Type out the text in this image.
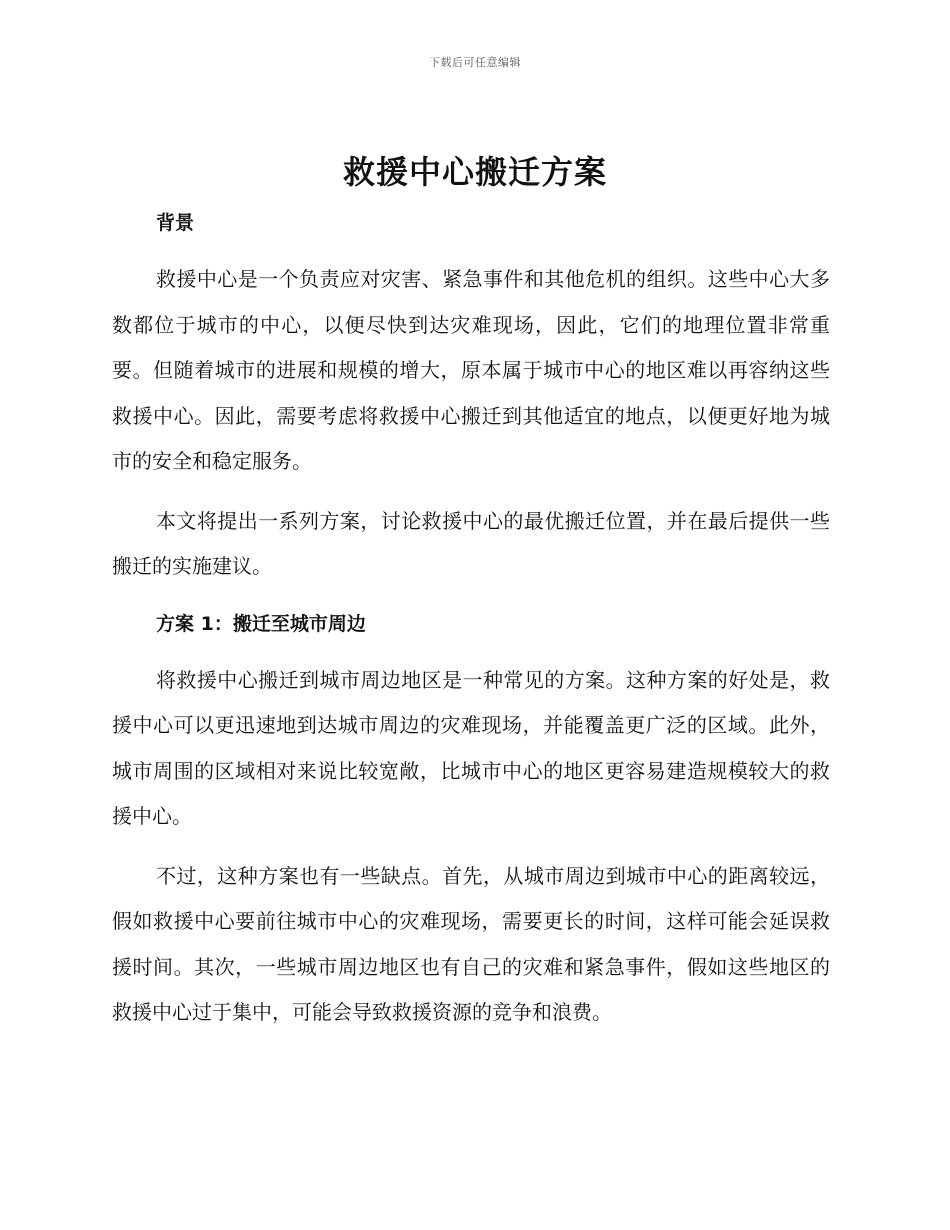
下载后可任意编辑
救援中心搬迁方案
背景

救援中心是一个负责应对灾害、紧急事件和其他危机的组织。这些中心大多数都位于城市的中心，以便尽快到达灾难现场，因此，它们的地理位置非常重要。但随着城市的进展和规模的增大，原本属于城市中心的地区难以再容纳这些救援中心。因此，需要考虑将救援中心搬迁到其他适宜的地点，以便更好地为城市的安全和稳定服务。

本文将提出一系列方案，讨论救援中心的最优搬迁位置，并在最后提供一些搬迁的实施建议。

方案 1：搬迁至城市周边

将救援中心搬迁到城市周边地区是一种常见的方案。这种方案的好处是，救援中心可以更迅速地到达城市周边的灾难现场，并能覆盖更广泛的区域。此外，城市周围的区域相对来说比较宽敞，比城市中心的地区更容易建造规模较大的救援中心。

不过，这种方案也有一些缺点。首先，从城市周边到城市中心的距离较远，假如救援中心要前往城市中心的灾难现场，需要更长的时间，这样可能会延误救援时间。其次，一些城市周边地区也有自己的灾难和紧急事件，假如这些地区的救援中心过于集中，可能会导致救援资源的竞争和浪费。
